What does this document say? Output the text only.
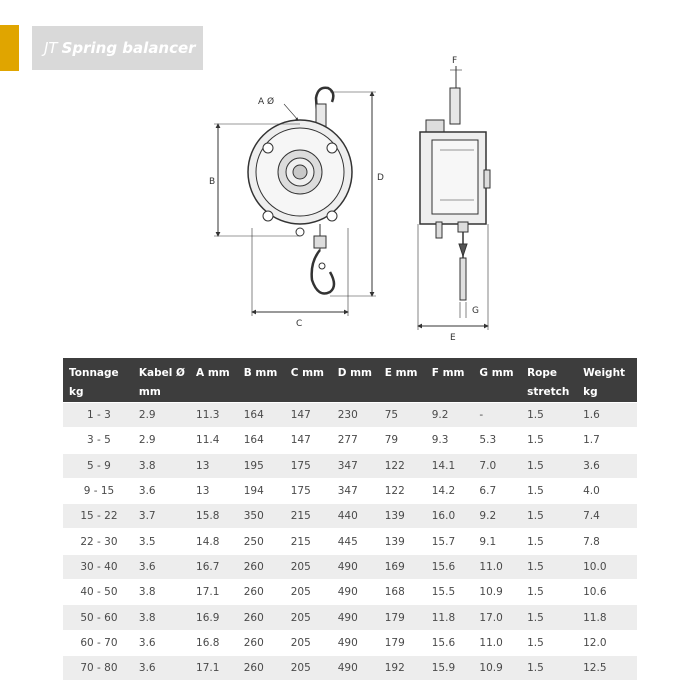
JT Spring balancer
A Ø
B	D
C
F
G
E
Tonnage kg	Kabel Ø mm	A mm	B mm	C mm	D mm	E mm	F mm	G mm	Rope stretch	Weight kg
1 - 3	2.9	11.3	164	147	230	75	9.2	-	1.5	1.6
3 - 5	2.9	11.4	164	147	277	79	9.3	5.3	1.5	1.7
5 - 9	3.8	13	195	175	347	122	14.1	7.0	1.5	3.6
9 - 15	3.6	13	194	175	347	122	14.2	6.7	1.5	4.0
15 - 22	3.7	15.8	350	215	440	139	16.0	9.2	1.5	7.4
22 - 30	3.5	14.8	250	215	445	139	15.7	9.1	1.5	7.8
30 - 40	3.6	16.7	260	205	490	169	15.6	11.0	1.5	10.0
40 - 50	3.8	17.1	260	205	490	168	15.5	10.9	1.5	10.6
50 - 60	3.8	16.9	260	205	490	179	11.8	17.0	1.5	11.8
60 - 70	3.6	16.8	260	205	490	179	15.6	11.0	1.5	12.0
70 - 80	3.6	17.1	260	205	490	192	15.9	10.9	1.5	12.5
